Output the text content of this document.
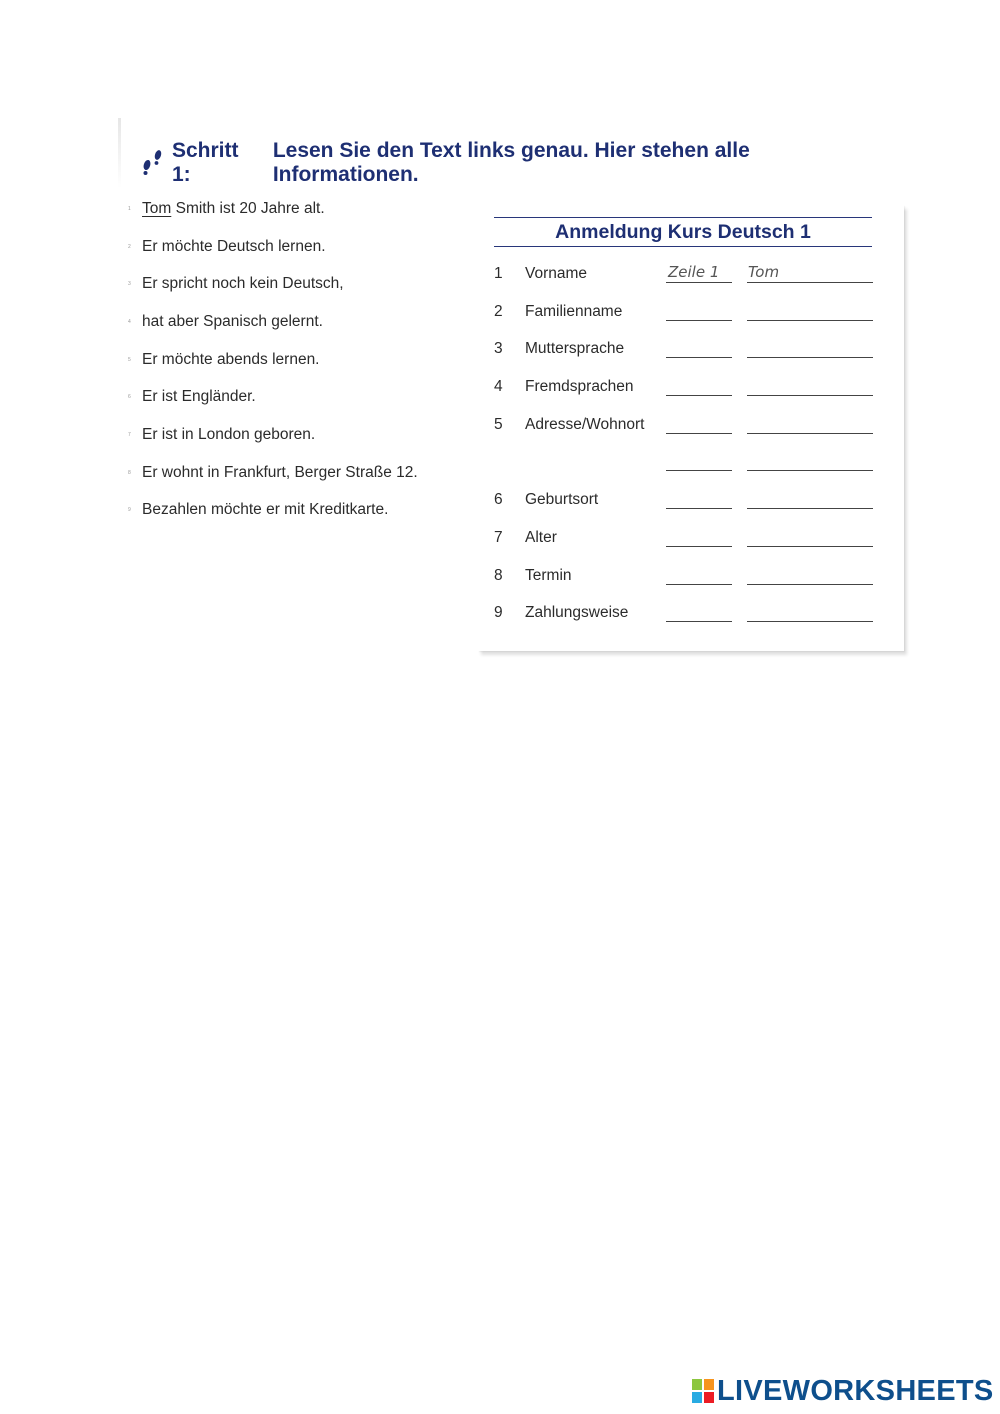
Schritt 1:
Lesen Sie den Text links genau. Hier stehen alle Informationen.
1 Tom Smith ist 20 Jahre alt.
2 Er möchte Deutsch lernen.
3 Er spricht noch kein Deutsch,
4 hat aber Spanisch gelernt.
5 Er möchte abends lernen.
6 Er ist Engländer.
7 Er ist in London geboren.
8 Er wohnt in Frankfurt, Berger Straße 12.
9 Bezahlen möchte er mit Kreditkarte.
Anmeldung Kurs Deutsch 1
1 Vorname	Zeile 1 Tom
2 Familienname
3 Muttersprache
4 Fremdsprachen
5 Adresse/Wohnort
6 Geburtsort
7 Alter
8 Termin
9 Zahlungsweise
LIVEWORKSHEETS
